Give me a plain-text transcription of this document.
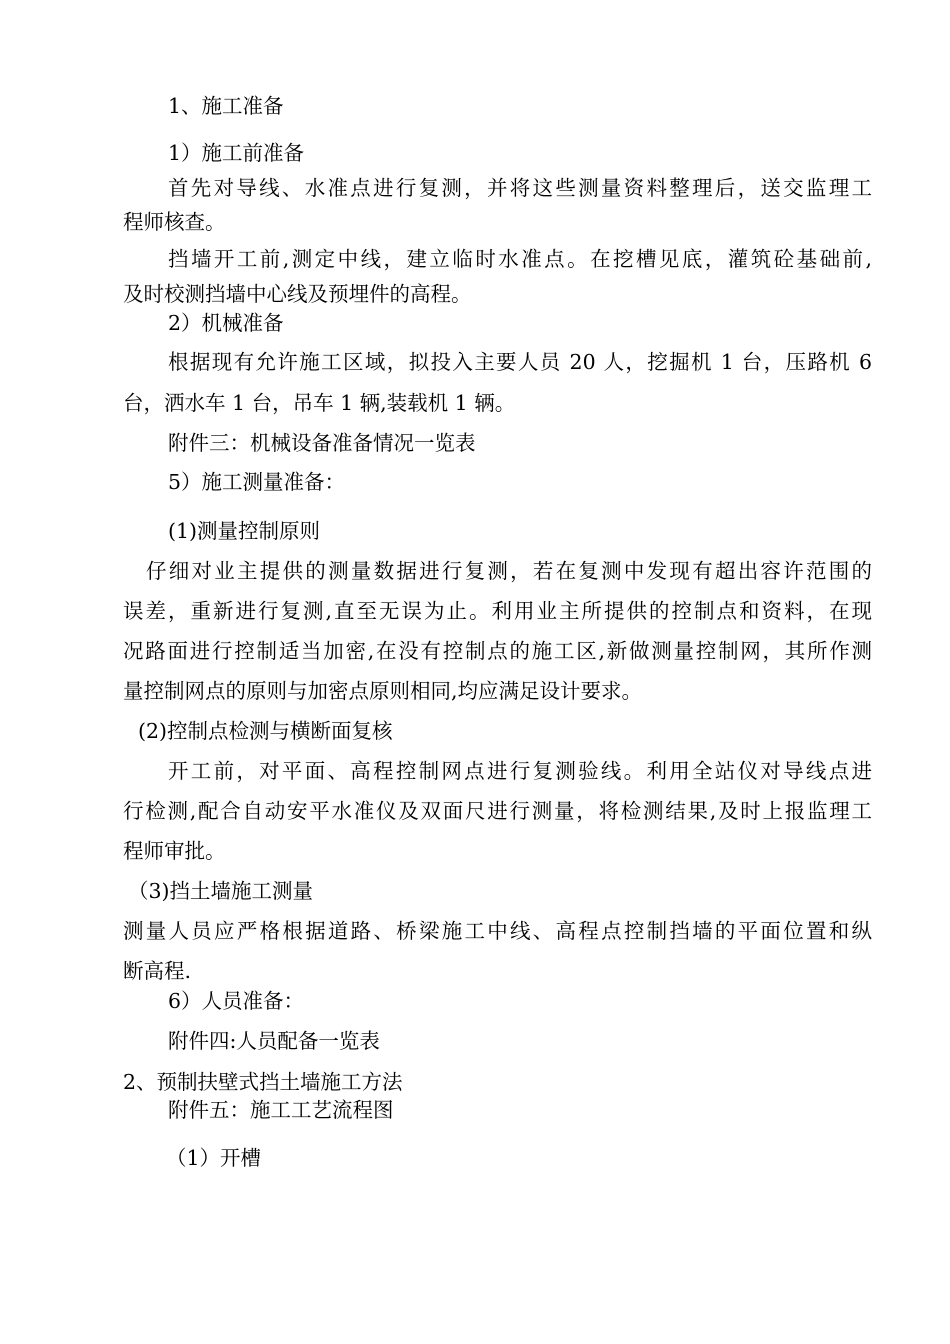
1、施工准备

1）施工前准备

首先对导线、水准点进行复测，并将这些测量资料整理后，送交监理工

程师核查。

挡墙开工前,测定中线，建立临时水准点。在挖槽见底，灌筑砼基础前,

及时校测挡墙中心线及预埋件的高程。

2）机械准备

根据现有允许施工区域，拟投入主要人员 20 人，挖掘机 1 台，压路机 6

台，洒水车 1 台，吊车 1 辆,装载机 1 辆。

附件三：机械设备准备情况一览表

5）施工测量准备：

(1)测量控制原则

仔细对业主提供的测量数据进行复测，若在复测中发现有超出容许范围的

误差，重新进行复测,直至无误为止。利用业主所提供的控制点和资料，在现

况路面进行控制适当加密,在没有控制点的施工区,新做测量控制网，其所作测

量控制网点的原则与加密点原则相同,均应满足设计要求。

(2)控制点检测与横断面复核

开工前，对平面、高程控制网点进行复测验线。利用全站仪对导线点进

行检测,配合自动安平水准仪及双面尺进行测量，将检测结果,及时上报监理工

程师审批。

（3)挡土墙施工测量

测量人员应严格根据道路、桥梁施工中线、高程点控制挡墙的平面位置和纵

断高程.

6）人员准备：

附件四:人员配备一览表

2、预制扶壁式挡土墙施工方法

附件五：施工工艺流程图

（1）开槽
